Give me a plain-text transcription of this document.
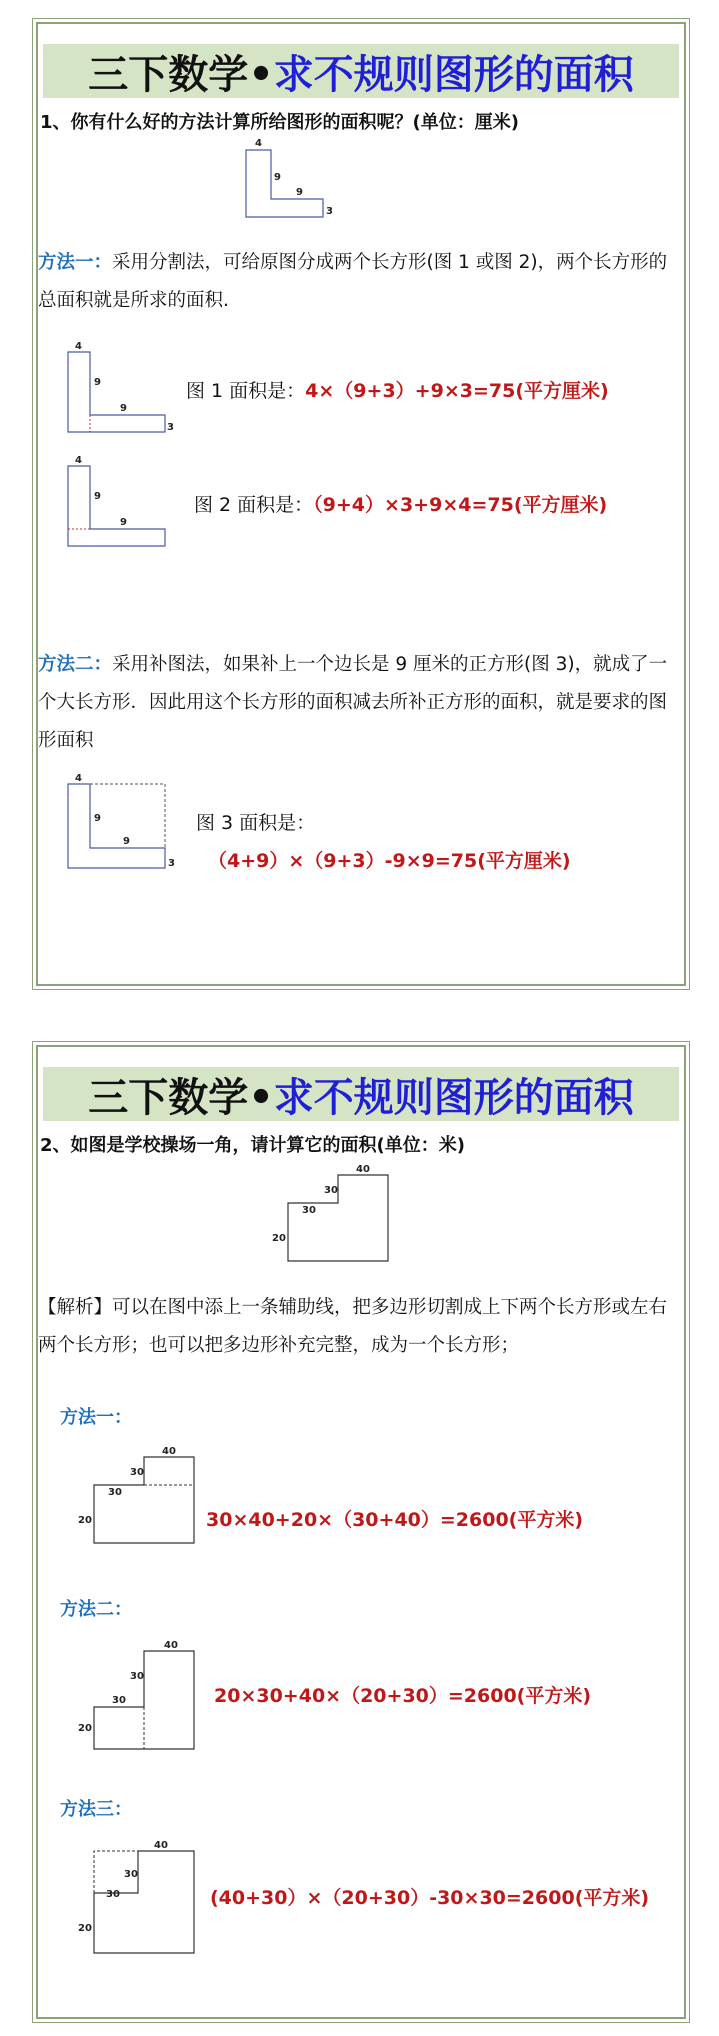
三下数学• 求不规则图形的面积
1、你有什么好的方法计算所给图形的面积呢？(单位：厘米)
4
9
9
3
方法一：采用分割法，可给原图分成两个长方形(图 1 或图 2)，两个长方形的总面积就是所求的面积.
4
9
9
3
图 1 面积是：4×（9+3）+9×3=75(平方厘米)
4
9
9
图 2 面积是：（9+4）×3+9×4=75(平方厘米)
方法二：采用补图法，如果补上一个边长是 9 厘米的正方形(图 3)，就成了一个大长方形．因此用这个长方形的面积减去所补正方形的面积，就是要求的图形面积
4
9
9
3
图 3 面积是：
（4+9）×（9+3）-9×9=75(平方厘米)
三下数学• 求不规则图形的面积
2、如图是学校操场一角，请计算它的面积(单位：米)
40
30
30
20
【解析】可以在图中添上一条辅助线，把多边形切割成上下两个长方形或左右两个长方形；也可以把多边形补充完整，成为一个长方形；
方法一：
40
30
30
20	30×40+20×（30+40）=2600(平方米)
方法二：
40
30
30
20
20×30+40×（20+30）=2600(平方米)
方法三：
40
30
30
20
(40+30）×（20+30）-30×30=2600(平方米)
